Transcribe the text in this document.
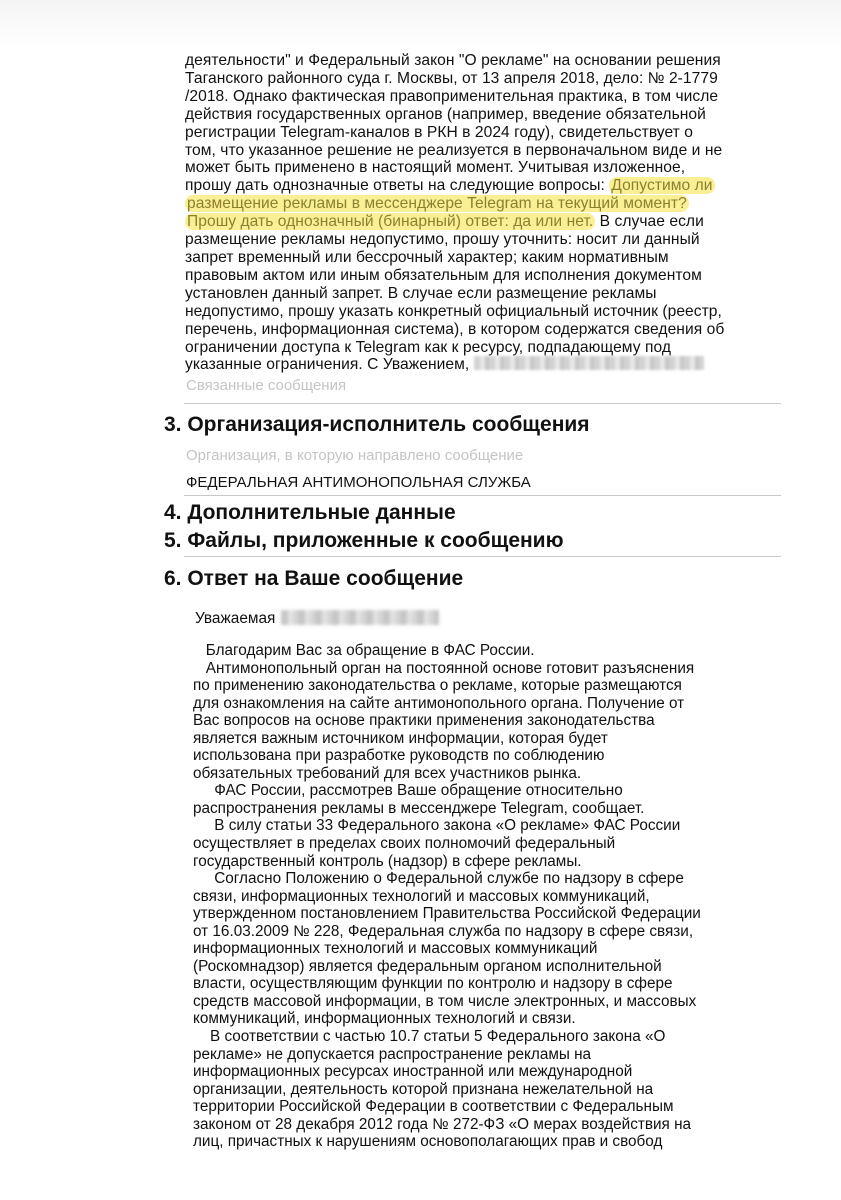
деятельности" и Федеральный закон "О рекламе" на основании решения
Таганского районного суда г. Москвы, от 13 апреля 2018, дело: № 2-1779
/2018. Однако фактическая правоприменительная практика, в том числе
действия государственных органов (например, введение обязательной
регистрации Telegram-каналов в РКН в 2024 году), свидетельствует о
том, что указанное решение не реализуется в первоначальном виде и не
может быть применено в настоящий момент. Учитывая изложенное,
прошу дать однозначные ответы на следующие вопросы: Допустимо ли
размещение рекламы в мессенджере Telegram на текущий момент?
Прошу дать однозначный (бинарный) ответ: да или нет. В случае если
размещение рекламы недопустимо, прошу уточнить: носит ли данный
запрет временный или бессрочный характер; каким нормативным
правовым актом или иным обязательным для исполнения документом
установлен данный запрет. В случае если размещение рекламы
недопустимо, прошу указать конкретный официальный источник (реестр,
перечень, информационная система), в котором содержатся сведения об
ограничении доступа к Telegram как к ресурсу, подпадающему под
указанные ограничения. С Уважением,
Связанные сообщения
3. Организация-исполнитель сообщения
Организация, в которую направлено сообщение
ФЕДЕРАЛЬНАЯ АНТИМОНОПОЛЬНАЯ СЛУЖБА
4. Дополнительные данные
5. Файлы, приложенные к сообщению
6. Ответ на Ваше сообщение
Уважаемая
Благодарим Вас за обращение в ФАС России.
Антимонопольный орган на постоянной основе готовит разъяснения
по применению законодательства о рекламе, которые размещаются
для ознакомления на сайте антимонопольного органа. Получение от
Вас вопросов на основе практики применения законодательства
является важным источником информации, которая будет
использована при разработке руководств по соблюдению
обязательных требований для всех участников рынка.
ФАС России, рассмотрев Ваше обращение относительно
распространения рекламы в мессенджере Telegram, сообщает.
В силу статьи 33 Федерального закона «О рекламе» ФАС России
осуществляет в пределах своих полномочий федеральный
государственный контроль (надзор) в сфере рекламы.
Согласно Положению о Федеральной службе по надзору в сфере
связи, информационных технологий и массовых коммуникаций,
утвержденном постановлением Правительства Российской Федерации
от 16.03.2009 № 228, Федеральная служба по надзору в сфере связи,
информационных технологий и массовых коммуникаций
(Роскомнадзор) является федеральным органом исполнительной
власти, осуществляющим функции по контролю и надзору в сфере
средств массовой информации, в том числе электронных, и массовых
коммуникаций, информационных технологий и связи.
В соответствии с частью 10.7 статьи 5 Федерального закона «О
рекламе» не допускается распространение рекламы на
информационных ресурсах иностранной или международной
организации, деятельность которой признана нежелательной на
территории Российской Федерации в соответствии с Федеральным
законом от 28 декабря 2012 года № 272-ФЗ «О мерах воздействия на
лиц, причастных к нарушениям основополагающих прав и свобод
